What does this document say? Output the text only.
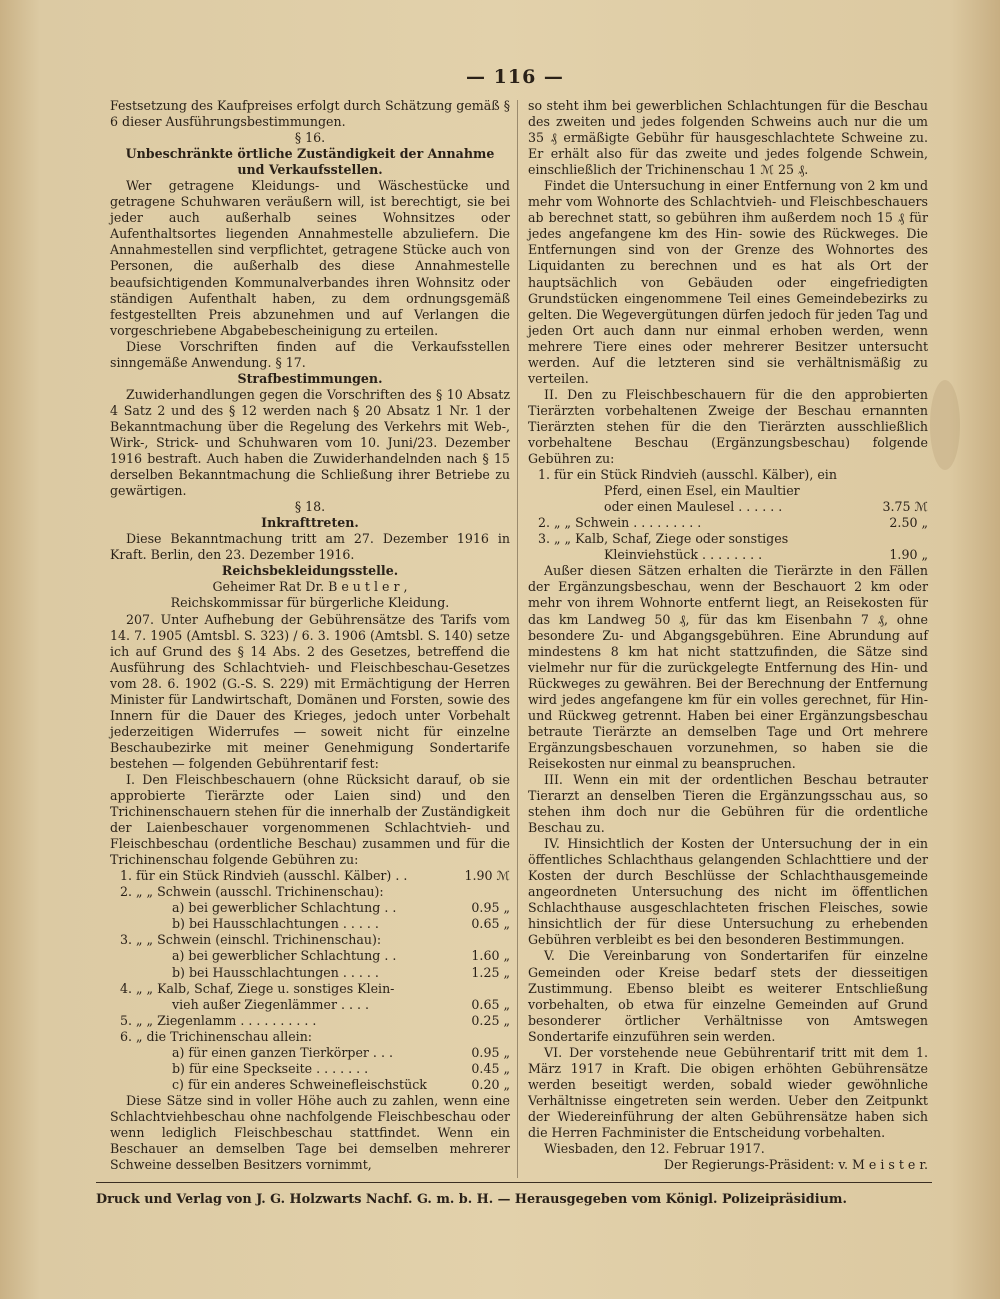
— 116 —

Festsetzung des Kaufpreises erfolgt durch Schätzung gemäß § 6 dieser Ausführungsbestimmungen.

§ 16.

Unbeschränkte örtliche Zuständigkeit der Annahme und Verkaufsstellen.

Wer getragene Kleidungs- und Wäschestücke und getragene Schuhwaren veräußern will, ist berechtigt, sie bei jeder auch außerhalb seines Wohnsitzes oder Aufenthaltsortes liegenden Annahmestelle abzuliefern. Die Annahmestellen sind verpflichtet, getragene Stücke auch von Personen, die außerhalb des diese Annahmestelle beaufsichtigenden Kommunalverbandes ihren Wohnsitz oder ständigen Aufenthalt haben, zu dem ordnungsgemäß festgestellten Preis abzunehmen und auf Verlangen die vorgeschriebene Abgabebescheinigung zu erteilen.

Diese Vorschriften finden auf die Verkaufsstellen sinngemäße Anwendung. § 17.

Strafbestimmungen.

Zuwiderhandlungen gegen die Vorschriften des § 10 Absatz 4 Satz 2 und des § 12 werden nach § 20 Absatz 1 Nr. 1 der Bekanntmachung über die Regelung des Verkehrs mit Web-, Wirk-, Strick- und Schuhwaren vom 10. Juni/23. Dezember 1916 bestraft. Auch haben die Zuwiderhandelnden nach § 15 derselben Bekanntmachung die Schließung ihrer Betriebe zu gewärtigen.

§ 18.

Inkrafttreten.

Diese Bekanntmachung tritt am 27. Dezember 1916 in Kraft. Berlin, den 23. Dezember 1916.

Reichsbekleidungsstelle.

Geheimer Rat Dr. B e u t l e r ,

Reichskommissar für bürgerliche Kleidung.

207. Unter Aufhebung der Gebührensätze des Tarifs vom 14. 7. 1905 (Amtsbl. S. 323) / 6. 3. 1906 (Amtsbl. S. 140) setze ich auf Grund des § 14 Abs. 2 des Gesetzes, betreffend die Ausführung des Schlachtvieh- und Fleischbeschau-Gesetzes vom 28. 6. 1902 (G.-S. S. 229) mit Ermächtigung der Herren Minister für Landwirtschaft, Domänen und Forsten, sowie des Innern für die Dauer des Krieges, jedoch unter Vorbehalt jederzeitigen Widerrufes — soweit nicht für einzelne Beschaubezirke mit meiner Genehmigung Sondertarife bestehen — folgenden Gebührentarif fest:

I. Den Fleischbeschauern (ohne Rücksicht darauf, ob sie approbierte Tierärzte oder Laien sind) und den Trichinenschauern stehen für die innerhalb der Zuständigkeit der Laienbeschauer vorgenommenen Schlachtvieh- und Fleischbeschau (ordentliche Beschau) zusammen und für die Trichinenschau folgende Gebühren zu:

1. für ein Stück Rindvieh (ausschl. Kälber) . .	1.90 ℳ
2. „ „ Schwein (ausschl. Trichinenschau):
a) bei gewerblicher Schlachtung . .	0.95 „
b) bei Hausschlachtungen . . . . .	0.65 „
3. „ „ Schwein (einschl. Trichinenschau):
a) bei gewerblicher Schlachtung . .	1.60 „
b) bei Hausschlachtungen . . . . .	1.25 „
4. „ „ Kalb, Schaf, Ziege u. sonstiges Klein-
vieh außer Ziegenlämmer . . . .	0.65 „
5. „ „ Ziegenlamm . . . . . . . . . .	0.25 „
6. „ die Trichinenschau allein:
a) für einen ganzen Tierkörper . . .	0.95 „
b) für eine Speckseite . . . . . . .	0.45 „
c) für ein anderes Schweinefleischstück	0.20 „

Diese Sätze sind in voller Höhe auch zu zahlen, wenn eine Schlachtviehbeschau ohne nachfolgende Fleischbeschau oder wenn lediglich Fleischbeschau stattfindet. Wenn ein Beschauer an demselben Tage bei demselben mehrerer Schweine desselben Besitzers vornimmt,

so steht ihm bei gewerblichen Schlachtungen für die Beschau des zweiten und jedes folgenden Schweins auch nur die um 35 ₰ ermäßigte Gebühr für hausgeschlachtete Schweine zu. Er erhält also für das zweite und jedes folgende Schwein, einschließlich der Trichinenschau 1 ℳ 25 ₰.

Findet die Untersuchung in einer Entfernung von 2 km und mehr vom Wohnorte des Schlachtvieh- und Fleischbeschauers ab berechnet statt, so gebühren ihm außerdem noch 15 ₰ für jedes angefangene km des Hin- sowie des Rückweges. Die Entfernungen sind von der Grenze des Wohnortes des Liquidanten zu berechnen und es hat als Ort der hauptsächlich von Gebäuden oder eingefriedigten Grundstücken eingenommene Teil eines Gemeindebezirks zu gelten. Die Wegevergütungen dürfen jedoch für jeden Tag und jeden Ort auch dann nur einmal erhoben werden, wenn mehrere Tiere eines oder mehrerer Besitzer untersucht werden. Auf die letzteren sind sie verhältnismäßig zu verteilen.

II. Den zu Fleischbeschauern für die den approbierten Tierärzten vorbehaltenen Zweige der Beschau ernannten Tierärzten stehen für die den Tierärzten ausschließlich vorbehaltene Beschau (Ergänzungsbeschau) folgende Gebühren zu:

1. für ein Stück Rindvieh (ausschl. Kälber), ein
Pferd, einen Esel, ein Maultier
oder einen Maulesel . . . . . .	3.75 ℳ
2. „ „ Schwein . . . . . . . . .	2.50 „
3. „ „ Kalb, Schaf, Ziege oder sonstiges
Kleinviehstück . . . . . . . .	1.90 „

Außer diesen Sätzen erhalten die Tierärzte in den Fällen der Ergänzungsbeschau, wenn der Beschauort 2 km oder mehr von ihrem Wohnorte entfernt liegt, an Reisekosten für das km Landweg 50 ₰, für das km Eisenbahn 7 ₰, ohne besondere Zu- und Abgangsgebühren. Eine Abrundung auf mindestens 8 km hat nicht stattzufinden, die Sätze sind vielmehr nur für die zurückgelegte Entfernung des Hin- und Rückweges zu gewähren. Bei der Berechnung der Entfernung wird jedes angefangene km für ein volles gerechnet, für Hin- und Rückweg getrennt. Haben bei einer Ergänzungsbeschau betraute Tierärzte an demselben Tage und Ort mehrere Ergänzungsbeschauen vorzunehmen, so haben sie die Reisekosten nur einmal zu beanspruchen.

III. Wenn ein mit der ordentlichen Beschau betrauter Tierarzt an denselben Tieren die Ergänzungsschau aus, so stehen ihm doch nur die Gebühren für die ordentliche Beschau zu.

IV. Hinsichtlich der Kosten der Untersuchung der in ein öffentliches Schlachthaus gelangenden Schlachttiere und der Kosten der durch Beschlüsse der Schlachthausgemeinde angeordneten Untersuchung des nicht im öffentlichen Schlachthause ausgeschlachteten frischen Fleisches, sowie hinsichtlich der für diese Untersuchung zu erhebenden Gebühren verbleibt es bei den besonderen Bestimmungen.

V. Die Vereinbarung von Sondertarifen für einzelne Gemeinden oder Kreise bedarf stets der diesseitigen Zustimmung. Ebenso bleibt es weiterer Entschließung vorbehalten, ob etwa für einzelne Gemeinden auf Grund besonderer örtlicher Verhältnisse von Amtswegen Sondertarife einzuführen sein werden.

VI. Der vorstehende neue Gebührentarif tritt mit dem 1. März 1917 in Kraft. Die obigen erhöhten Gebührensätze werden beseitigt werden, sobald wieder gewöhnliche Verhältnisse eingetreten sein werden. Ueber den Zeitpunkt der Wiedereinführung der alten Gebührensätze haben sich die Herren Fachminister die Entscheidung vorbehalten.

Wiesbaden, den 12. Februar 1917.

Der Regierungs-Präsident: v. M e i s t e r.

Druck und Verlag von J. G. Holzwarts Nachf. G. m. b. H. — Herausgegeben vom Königl. Polizeipräsidium.
